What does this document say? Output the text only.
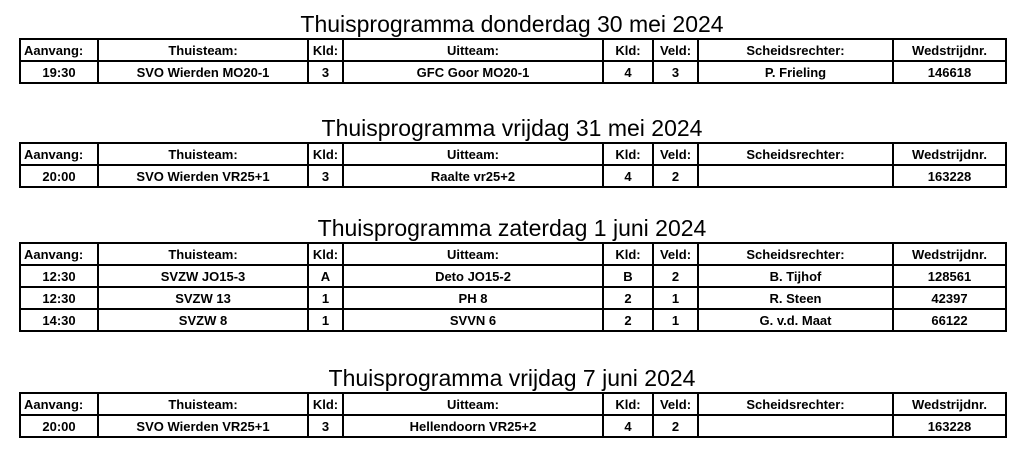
Thuisprogramma donderdag 30 mei 2024
Aanvang:	Thuisteam:	Kld:	Uitteam:	Kld:	Veld:	Scheidsrechter:	Wedstrijdnr.
19:30	SVO Wierden MO20-1	3	GFC Goor MO20-1	4	3	P. Frieling	146618
Thuisprogramma vrijdag 31 mei 2024
Aanvang:	Thuisteam:	Kld:	Uitteam:	Kld:	Veld:	Scheidsrechter:	Wedstrijdnr.
20:00	SVO Wierden VR25+1	3	Raalte vr25+2	4	2		163228
Thuisprogramma zaterdag 1 juni 2024
Aanvang:	Thuisteam:	Kld:	Uitteam:	Kld:	Veld:	Scheidsrechter:	Wedstrijdnr.
12:30	SVZW JO15-3	A	Deto JO15-2	B	2	B. Tijhof	128561
12:30	SVZW 13	1	PH 8	2	1	R. Steen	42397
14:30	SVZW 8	1	SVVN 6	2	1	G. v.d. Maat	66122
Thuisprogramma vrijdag 7 juni 2024
Aanvang:	Thuisteam:	Kld:	Uitteam:	Kld:	Veld:	Scheidsrechter:	Wedstrijdnr.
20:00	SVO Wierden VR25+1	3	Hellendoorn VR25+2	4	2		163228
